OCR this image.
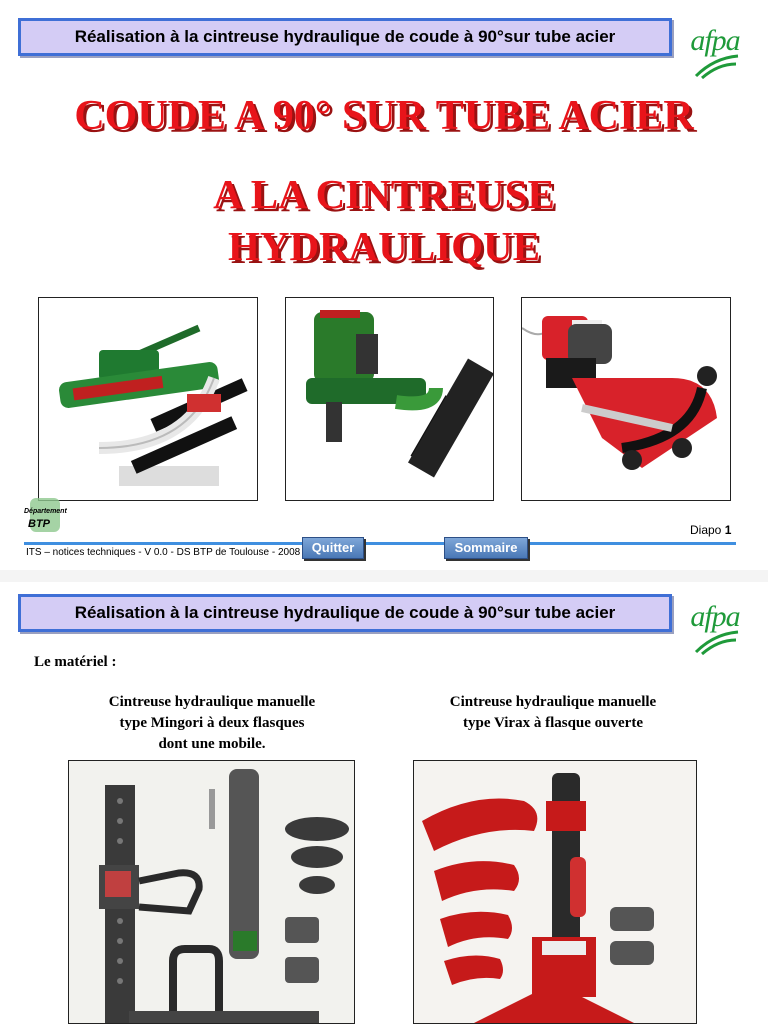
Réalisation à la cintreuse hydraulique de coude à 90°sur tube acier	afpa
COUDE A 90° SUR TUBE ACIER
A LA CINTREUSE
HYDRAULIQUE
Département
BTP	Diapo 1
ITS – notices techniques - V 0.0 - DS BTP de Toulouse - 2008 Quitter	Sommaire
Réalisation à la cintreuse hydraulique de coude à 90°sur tube acier	afpa
Le matériel :
Cintreuse hydraulique manuelle
type Mingori à deux flasques
dont une mobile.
Cintreuse hydraulique manuelle
type Virax à flasque ouverte
